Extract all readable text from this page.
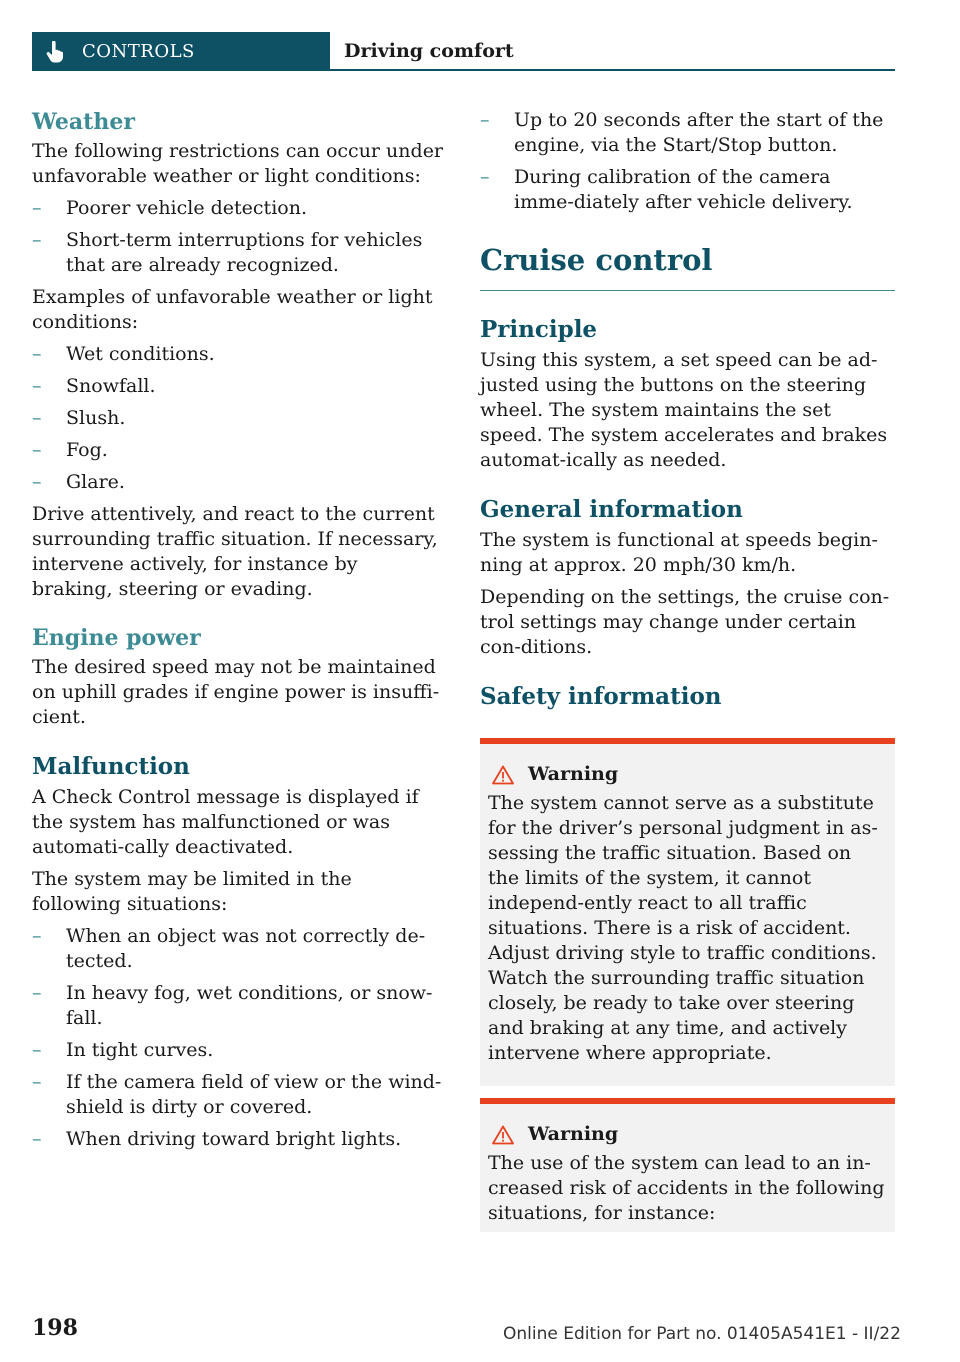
CONTROLS	Driving comfort
Weather

The following restrictions can occur under unfavorable weather or light conditions:

– Poorer vehicle detection.
– Short-term interruptions for vehicles that are already recognized.

Examples of unfavorable weather or light conditions:

– Wet conditions.
– Snowfall.
– Slush.
– Fog.
– Glare.

Drive attentively, and react to the current surrounding traffic situation. If necessary, intervene actively, for instance by braking, steering or evading.

Engine power

The desired speed may not be maintained on uphill grades if engine power is insuffi‐cient.

Malfunction

A Check Control message is displayed if the system has malfunctioned or was automati‐cally deactivated.

The system may be limited in the following situations:

– When an object was not correctly de‐tected.
– In heavy fog, wet conditions, or snow‐fall.
– In tight curves.
– If the camera field of view or the wind‐shield is dirty or covered.
– When driving toward bright lights.
– Up to 20 seconds after the start of the engine, via the Start/Stop button.
– During calibration of the camera imme‐diately after vehicle delivery.
Cruise control
Principle

Using this system, a set speed can be ad‐justed using the buttons on the steering wheel. The system maintains the set speed. The system accelerates and brakes automat‐ically as needed.

General information

The system is functional at speeds begin‐ning at approx. 20 mph/30 km/h.

Depending on the settings, the cruise con‐trol settings may change under certain con‐ditions.

Safety information
Warning

The system cannot serve as a substitute for the driver’s personal judgment in as‐sessing the traffic situation. Based on the limits of the system, it cannot independ‐ently react to all traffic situations. There is a risk of accident. Adjust driving style to traffic conditions. Watch the surrounding traffic situation closely, be ready to take over steering and braking at any time, and actively intervene where appropriate.

Warning

The use of the system can lead to an in‐creased risk of accidents in the following situations, for instance:

198	Online Edition for Part no. 01405A541E1 - II/22
